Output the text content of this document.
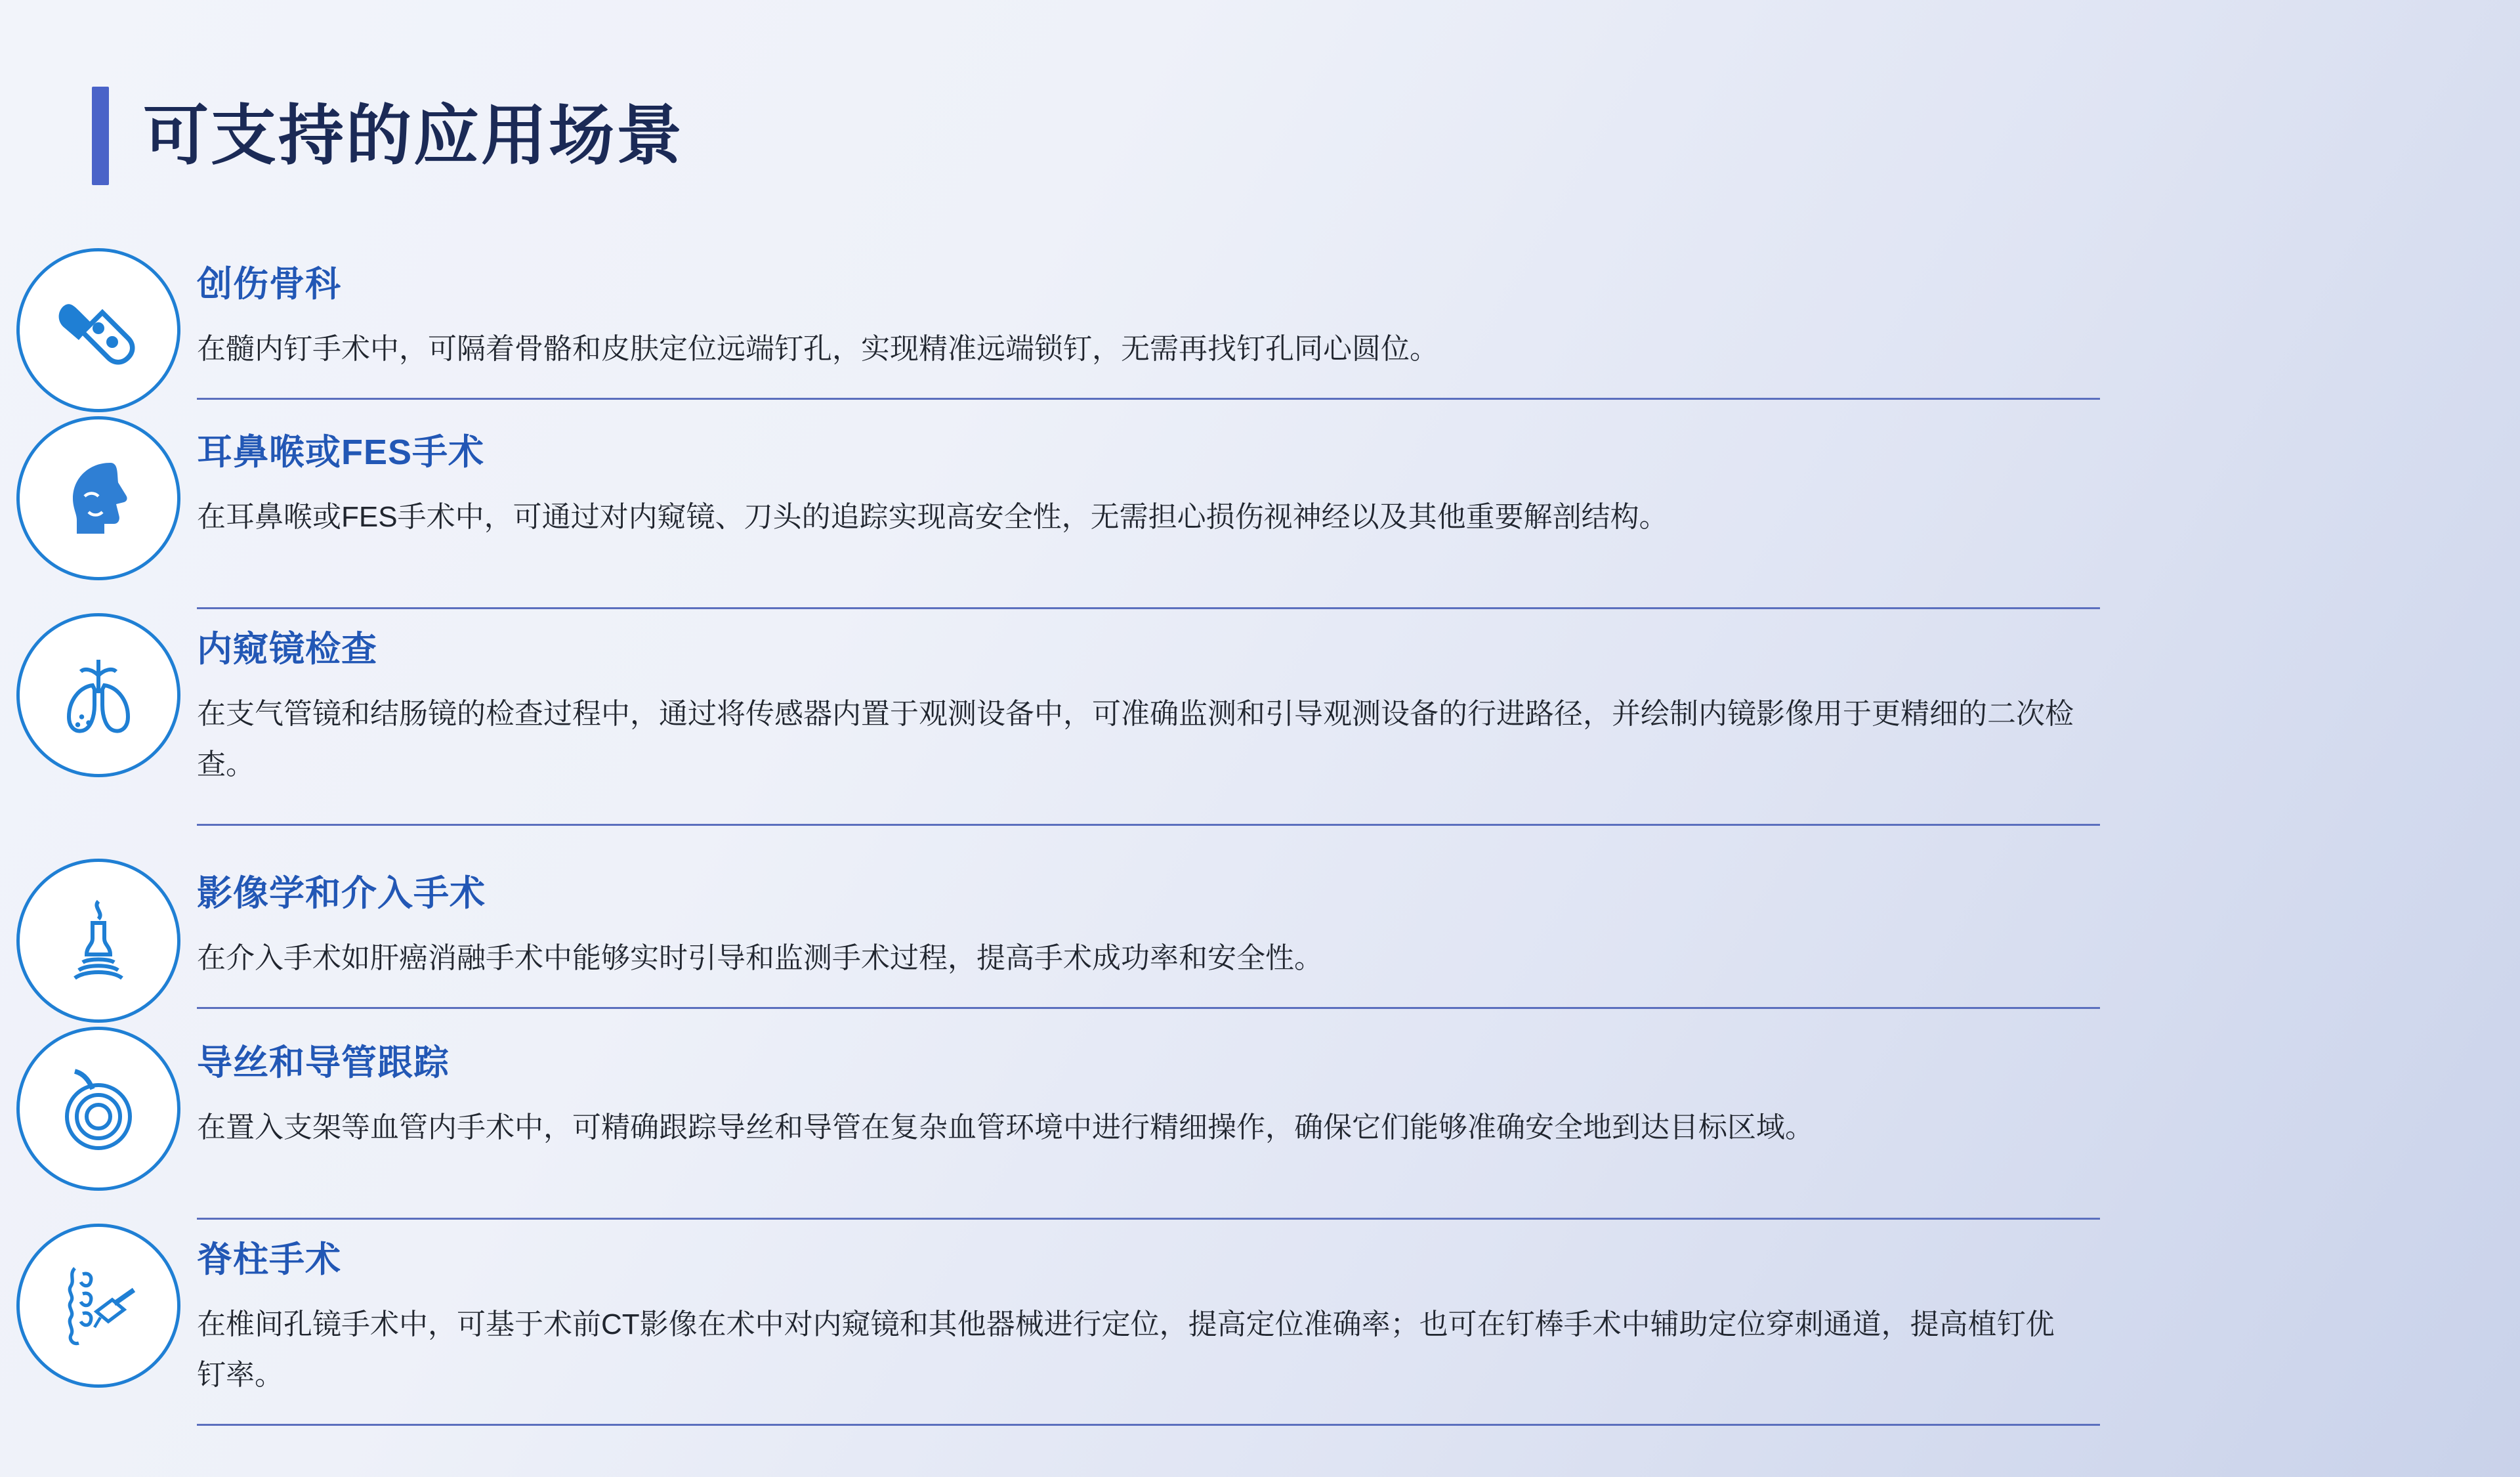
可支持的应用场景
创伤骨科

在髓内钉手术中，可隔着骨骼和皮肤定位远端钉孔，实现精准远端锁钉，无需再找钉孔同心圆位。

耳鼻喉或FES手术

在耳鼻喉或FES手术中，可通过对内窥镜、刀头的追踪实现高安全性，无需担心损伤视神经以及其他重要解剖结构。

内窥镜检查

在支气管镜和结肠镜的检查过程中，通过将传感器内置于观测设备中，可准确监测和引导观测设备的行进路径，并绘制内镜影像用于更精细的二次检查。

影像学和介入手术

在介入手术如肝癌消融手术中能够实时引导和监测手术过程，提高手术成功率和安全性。

导丝和导管跟踪

在置入支架等血管内手术中，可精确跟踪导丝和导管在复杂血管环境中进行精细操作，确保它们能够准确安全地到达目标区域。

脊柱手术

在椎间孔镜手术中，可基于术前CT影像在术中对内窥镜和其他器械进行定位，提高定位准确率；也可在钉棒手术中辅助定位穿刺通道，提高植钉优钉率。
